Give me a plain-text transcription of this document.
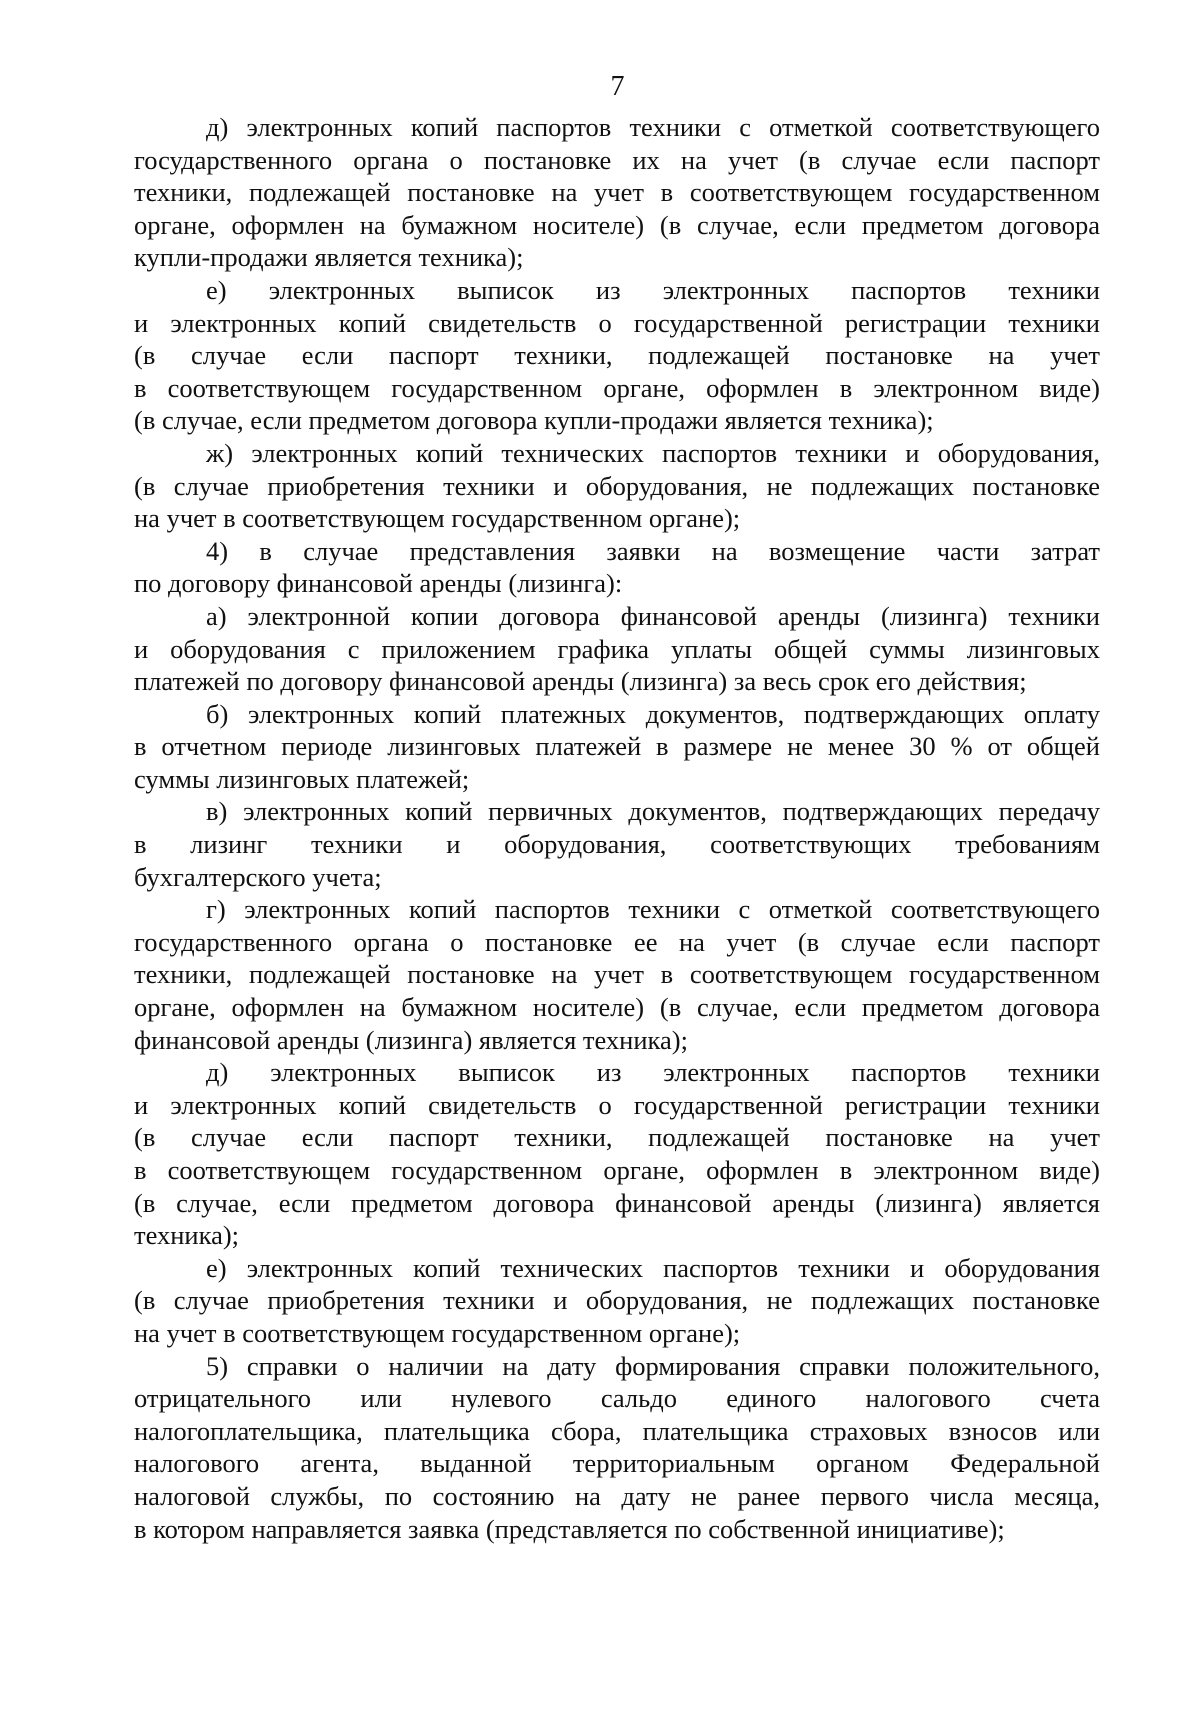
7

д) электронных копий паспортов техники с отметкой соответствующего
государственного органа о постановке их на учет (в случае если паспорт
техники, подлежащей постановке на учет в соответствующем государственном
органе, оформлен на бумажном носителе) (в случае, если предметом договора
купли-продажи является техника);

е) электронных выписок из электронных паспортов техники
и электронных копий свидетельств о государственной регистрации техники
(в случае если паспорт техники, подлежащей постановке на учет
в соответствующем государственном органе, оформлен в электронном виде)
(в случае, если предметом договора купли-продажи является техника);

ж) электронных копий технических паспортов техники и оборудования,
(в случае приобретения техники и оборудования, не подлежащих постановке
на учет в соответствующем государственном органе);

4) в случае представления заявки на возмещение части затрат
по договору финансовой аренды (лизинга):

а) электронной копии договора финансовой аренды (лизинга) техники
и оборудования с приложением графика уплаты общей суммы лизинговых
платежей по договору финансовой аренды (лизинга) за весь срок его действия;

б) электронных копий платежных документов, подтверждающих оплату
в отчетном периоде лизинговых платежей в размере не менее 30 % от общей
суммы лизинговых платежей;

в) электронных копий первичных документов, подтверждающих передачу
в лизинг техники и оборудования, соответствующих требованиям
бухгалтерского учета;

г) электронных копий паспортов техники с отметкой соответствующего
государственного органа о постановке ее на учет (в случае если паспорт
техники, подлежащей постановке на учет в соответствующем государственном
органе, оформлен на бумажном носителе) (в случае, если предметом договора
финансовой аренды (лизинга) является техника);

д) электронных выписок из электронных паспортов техники
и электронных копий свидетельств о государственной регистрации техники
(в случае если паспорт техники, подлежащей постановке на учет
в соответствующем государственном органе, оформлен в электронном виде)
(в случае, если предметом договора финансовой аренды (лизинга) является
техника);

е) электронных копий технических паспортов техники и оборудования
(в случае приобретения техники и оборудования, не подлежащих постановке
на учет в соответствующем государственном органе);

5) справки о наличии на дату формирования справки положительного,
отрицательного или нулевого сальдо единого налогового счета
налогоплательщика, плательщика сбора, плательщика страховых взносов или
налогового агента, выданной территориальным органом Федеральной
налоговой службы, по состоянию на дату не ранее первого числа месяца,
в котором направляется заявка (представляется по собственной инициативе);
